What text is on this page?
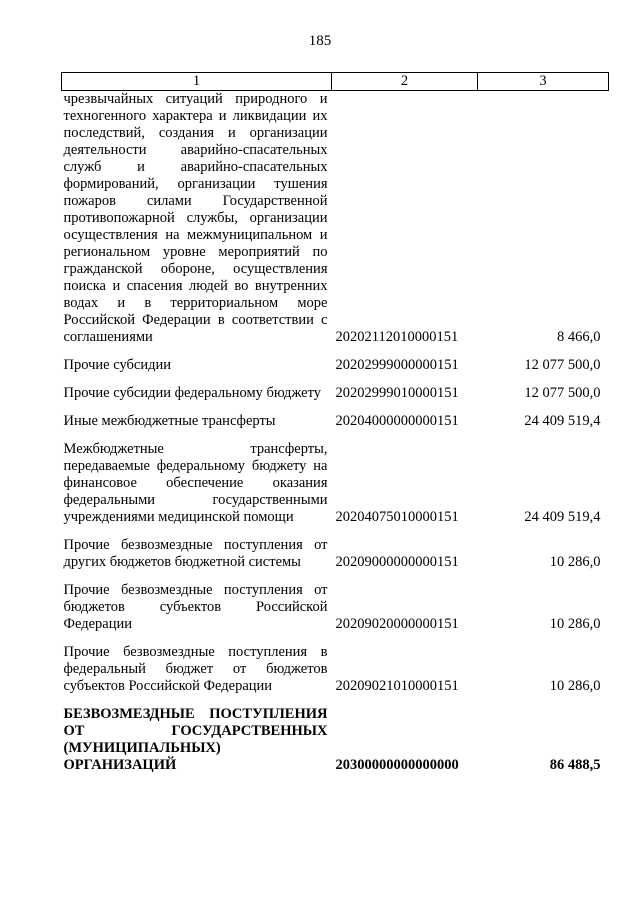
185
1	2	3
чрезвычайных ситуаций природного и техногенного характера и ликвидации их последствий, создания и организации деятельности аварийно-спасательных служб и аварийно-спасательных формирований, организации тушения пожаров силами Государственной противопожарной службы, организации осуществления на межмуниципальном и региональном уровне мероприятий по гражданской обороне, осуществления поиска и спасения людей во внутренних водах и в территориальном море Российской Федерации в соответствии с соглашениями	20202112010000151	8 466,0
Прочие субсидии	20202999000000151	12 077 500,0
Прочие субсидии федеральному бюджету	20202999010000151	12 077 500,0
Иные межбюджетные трансферты	20204000000000151	24 409 519,4
Межбюджетные трансферты, передаваемые федеральному бюджету на финансовое обеспечение оказания федеральными государственными учреждениями медицинской помощи	20204075010000151	24 409 519,4
Прочие безвозмездные поступления от других бюджетов бюджетной системы	20209000000000151	10 286,0
Прочие безвозмездные поступления от бюджетов субъектов Российской Федерации	20209020000000151	10 286,0
Прочие безвозмездные поступления в федеральный бюджет от бюджетов субъектов Российской Федерации	20209021010000151	10 286,0
БЕЗВОЗМЕЗДНЫЕ ПОСТУПЛЕНИЯ ОТ ГОСУДАРСТВЕННЫХ (МУНИЦИПАЛЬНЫХ) ОРГАНИЗАЦИЙ	20300000000000000	86 488,5
